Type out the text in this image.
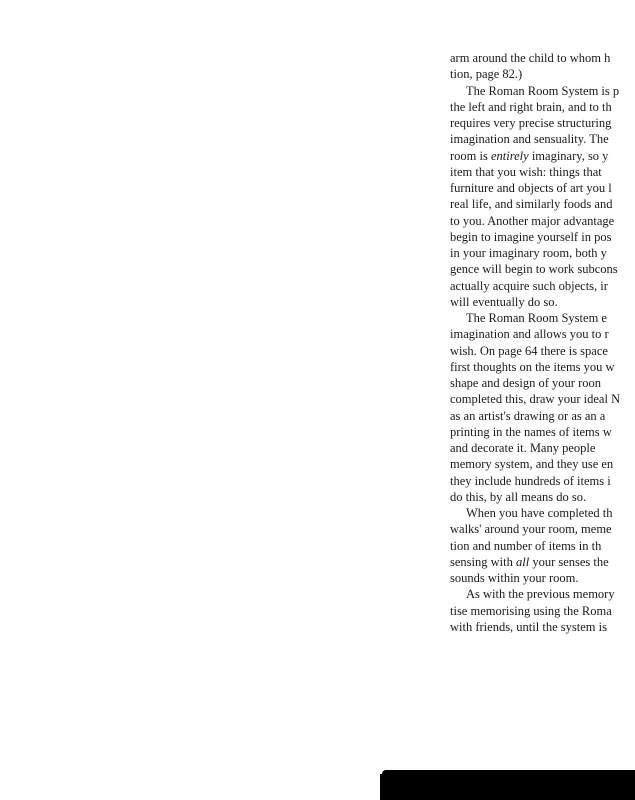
arm around the child to whom h
tion, page 82.)

The Roman Room System is p
the left and right brain, and to th
requires very precise structuring
imagination and sensuality. The
room is entirely imaginary, so y
item that you wish: things that
furniture and objects of art you l
real life, and similarly foods and
to you. Another major advantage
begin to imagine yourself in pos
in your imaginary room, both y
gence will begin to work subcons
actually acquire such objects, ir
will eventually do so.

The Roman Room System e
imagination and allows you to r
wish. On page 64 there is space
first thoughts on the items you w
shape and design of your roon
completed this, draw your ideal N
as an artist's drawing or as an a
printing in the names of items w
and decorate it. Many people
memory system, and they use en
they include hundreds of items i
do this, by all means do so.

When you have completed th
walks' around your room, meme
tion and number of items in th
sensing with all your senses the
sounds within your room.

As with the previous memory
tise memorising using the Roma
with friends, until the system is
